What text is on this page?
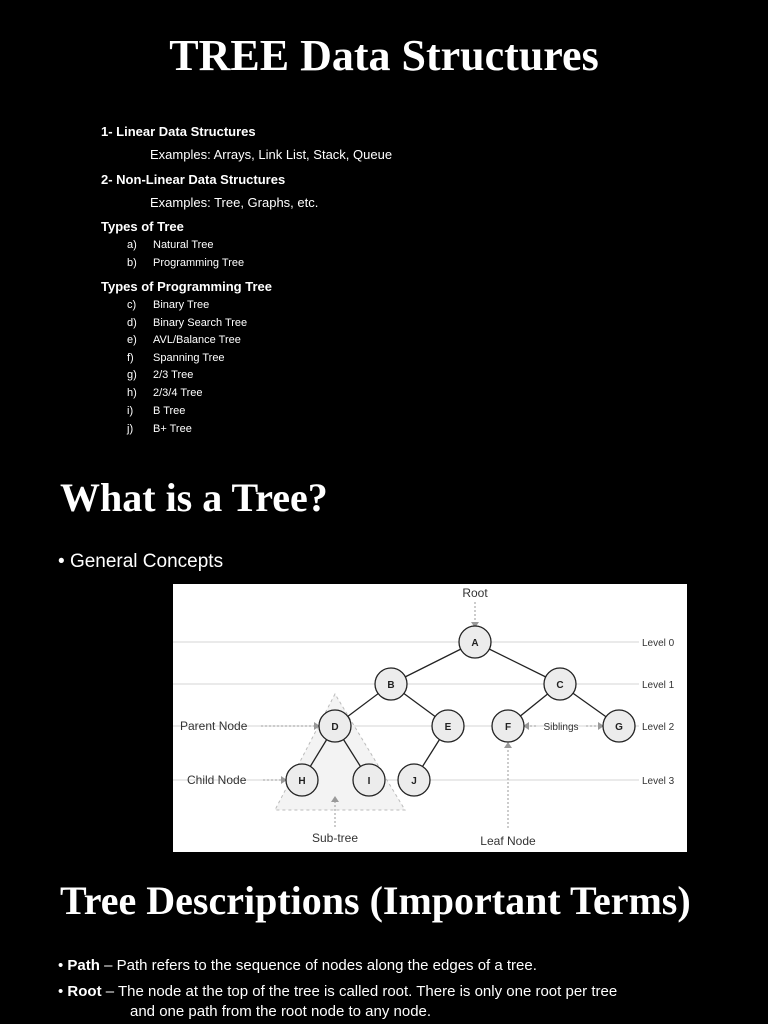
TREE Data Structures
1- Linear Data Structures
Examples: Arrays, Link List, Stack, Queue
2- Non-Linear Data Structures
Examples: Tree, Graphs, etc.
Types of Tree
a) Natural Tree
b) Programming Tree
Types of Programming Tree
c) Binary Tree
d) Binary Search Tree
e) AVL/Balance Tree
f) Spanning Tree
g) 2/3 Tree
h) 2/3/4 Tree
i) B Tree
j) B+ Tree
What is a Tree?
• General Concepts
A
B	C
D	E	F	G
H	I	J
Root
Parent Node
Child Node
Sub-tree	Leaf Node
Siblings
Level 0
Level 1
Level 2
Level 3
Tree Descriptions (Important Terms)
• Path – Path refers to the sequence of nodes along the edges of a tree.
• Root – The node at the top of the tree is called root. There is only one root per tree
and one path from the root node to any node.
